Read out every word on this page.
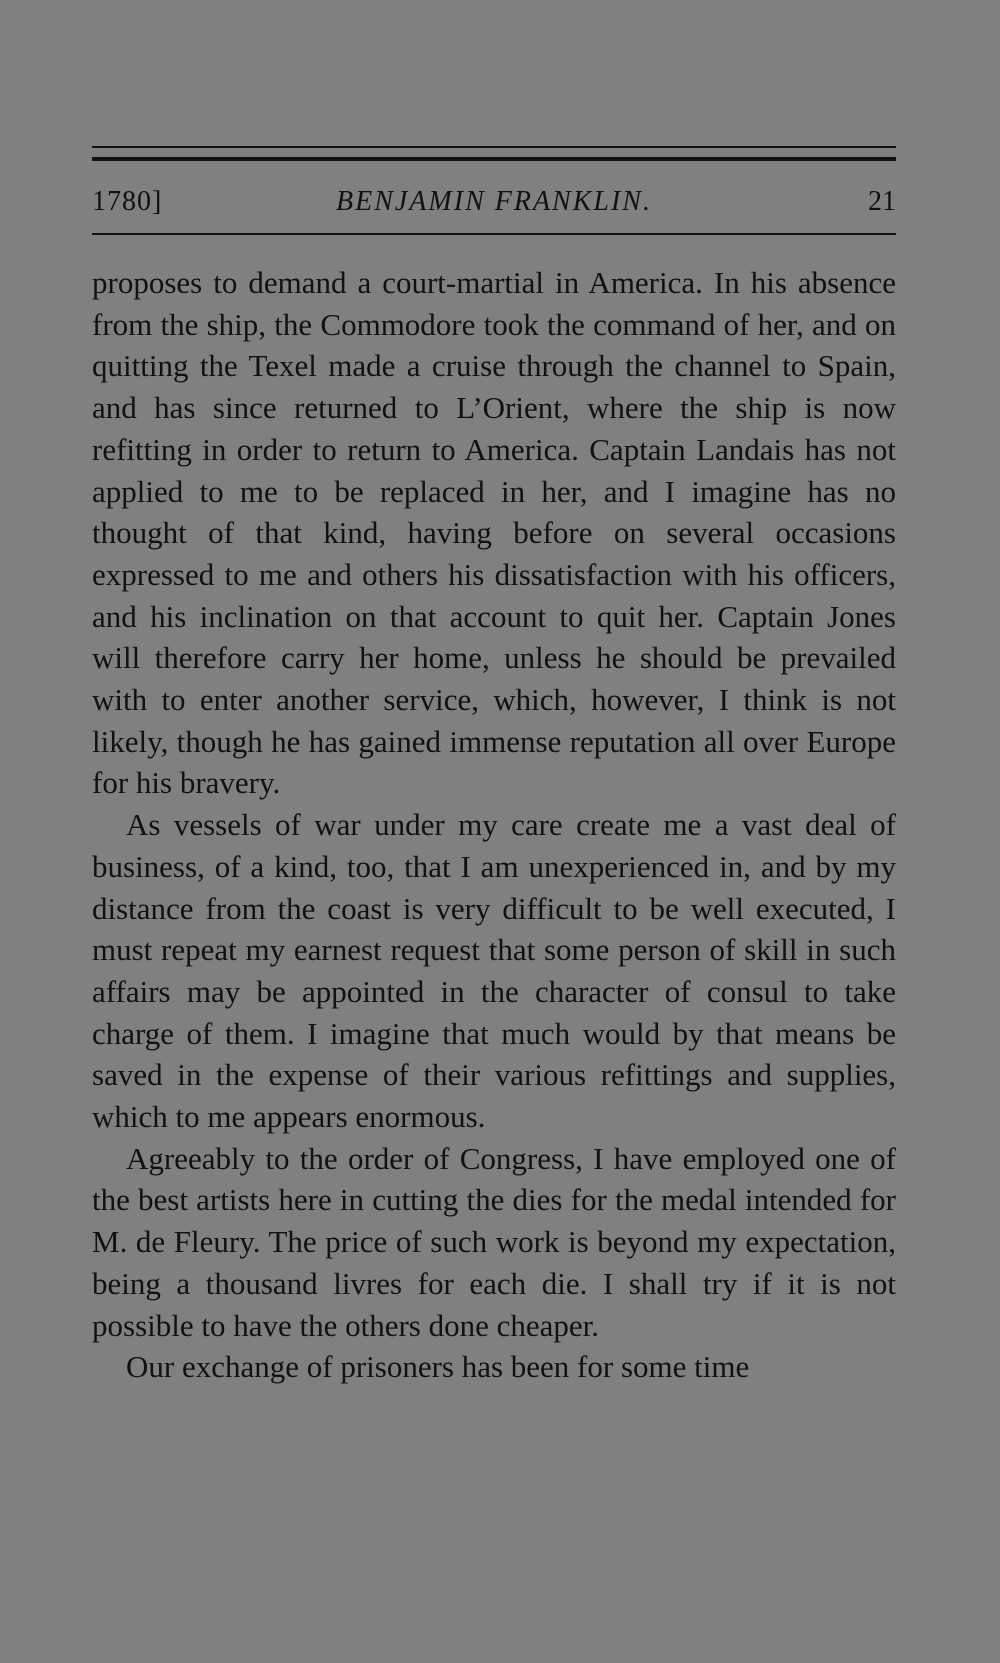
1780]	BENJAMIN FRANKLIN.	21

proposes to demand a court-martial in America. In his absence from the ship, the Commodore took the command of her, and on quitting the Texel made a cruise through the channel to Spain, and has since returned to L’Orient, where the ship is now refitting in order to return to America. Captain Landais has not applied to me to be replaced in her, and I imagine has no thought of that kind, having before on several occasions expressed to me and others his dissatisfaction with his officers, and his inclination on that account to quit her. Captain Jones will therefore carry her home, unless he should be prevailed with to enter another service, which, however, I think is not likely, though he has gained immense reputation all over Europe for his bravery.

As vessels of war under my care create me a vast deal of business, of a kind, too, that I am unexperienced in, and by my distance from the coast is very difficult to be well executed, I must repeat my earnest request that some person of skill in such affairs may be appointed in the character of consul to take charge of them. I imagine that much would by that means be saved in the expense of their various refittings and supplies, which to me appears enormous.

Agreeably to the order of Congress, I have employed one of the best artists here in cutting the dies for the medal intended for M. de Fleury. The price of such work is beyond my expectation, being a thousand livres for each die. I shall try if it is not possible to have the others done cheaper.

Our exchange of prisoners has been for some time
